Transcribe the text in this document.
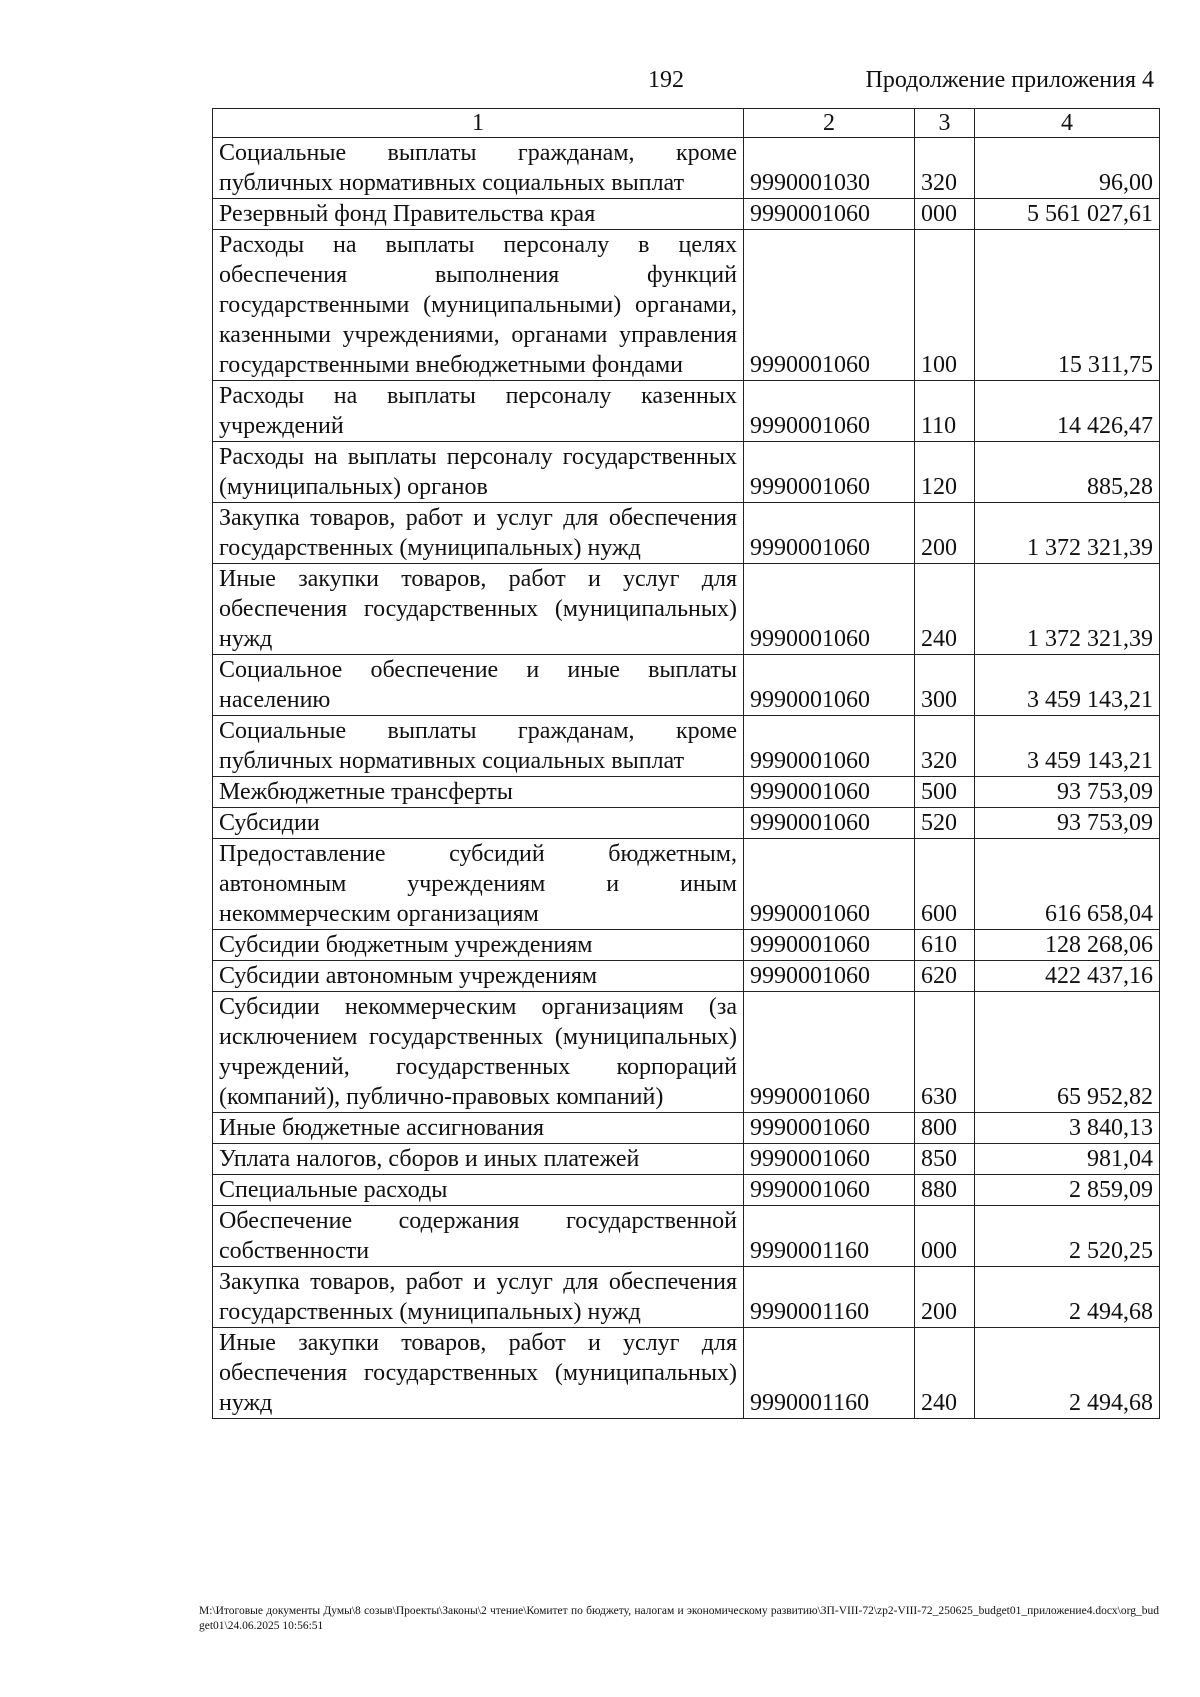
192	Продолжение приложения 4
1	2	3	4
Социальные выплаты гражданам, кроме публичных нормативных социальных выплат	9990001030	320	96,00
Резервный фонд Правительства края	9990001060	000	5 561 027,61
Расходы на выплаты персоналу в целях обеспечения выполнения функций государственными (муниципальными) органами, казенными учреждениями, органами управления государственными внебюджетными фондами	9990001060	100	15 311,75
Расходы на выплаты персоналу казенных учреждений	9990001060	110	14 426,47
Расходы на выплаты персоналу государственных (муниципальных) органов	9990001060	120	885,28
Закупка товаров, работ и услуг для обеспечения государственных (муниципальных) нужд	9990001060	200	1 372 321,39
Иные закупки товаров, работ и услуг для обеспечения государственных (муниципальных) нужд	9990001060	240	1 372 321,39
Социальное обеспечение и иные выплаты населению	9990001060	300	3 459 143,21
Социальные выплаты гражданам, кроме публичных нормативных социальных выплат	9990001060	320	3 459 143,21
Межбюджетные трансферты	9990001060	500	93 753,09
Субсидии	9990001060	520	93 753,09
Предоставление субсидий бюджетным, автономным учреждениям и иным некоммерческим организациям	9990001060	600	616 658,04
Субсидии бюджетным учреждениям	9990001060	610	128 268,06
Субсидии автономным учреждениям	9990001060	620	422 437,16
Субсидии некоммерческим организациям (за исключением государственных (муниципальных) учреждений, государственных корпораций (компаний), публично-правовых компаний)	9990001060	630	65 952,82
Иные бюджетные ассигнования	9990001060	800	3 840,13
Уплата налогов, сборов и иных платежей	9990001060	850	981,04
Специальные расходы	9990001060	880	2 859,09
Обеспечение содержания государственной собственности	9990001160	000	2 520,25
Закупка товаров, работ и услуг для обеспечения государственных (муниципальных) нужд	9990001160	200	2 494,68
Иные закупки товаров, работ и услуг для обеспечения государственных (муниципальных) нужд	9990001160	240	2 494,68
М:\Итоговые документы Думы\8 созыв\Проекты\Законы\2 чтение\Комитет по бюджету, налогам и экономическому развитию\ЗП-VIII-72\zp2-VIII-72_250625_budget01_приложение4.docx\org_budget01\24.06.2025 10:56:51
